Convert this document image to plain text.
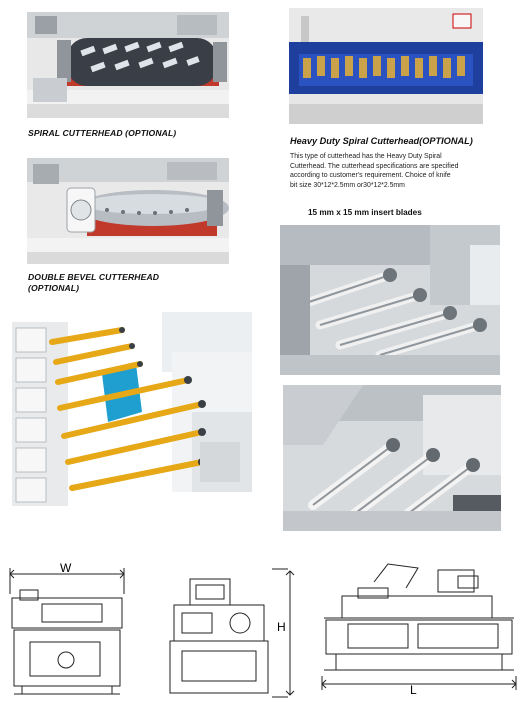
SPIRAL CUTTERHEAD (OPTIONAL)
Heavy Duty Spiral Cutterhead(OPTIONAL)
This type of cutterhead has the Heavy Duty Spiral
Cutterhead. The cutterhead specifications are specified
according to customer's requirement. Choice of knife
bit size 30*12*2.5mm or30*12*2.5mm
DOUBLE BEVEL CUTTERHEAD
(OPTIONAL)
15 mm x 15 mm insert blades
W
H
L
